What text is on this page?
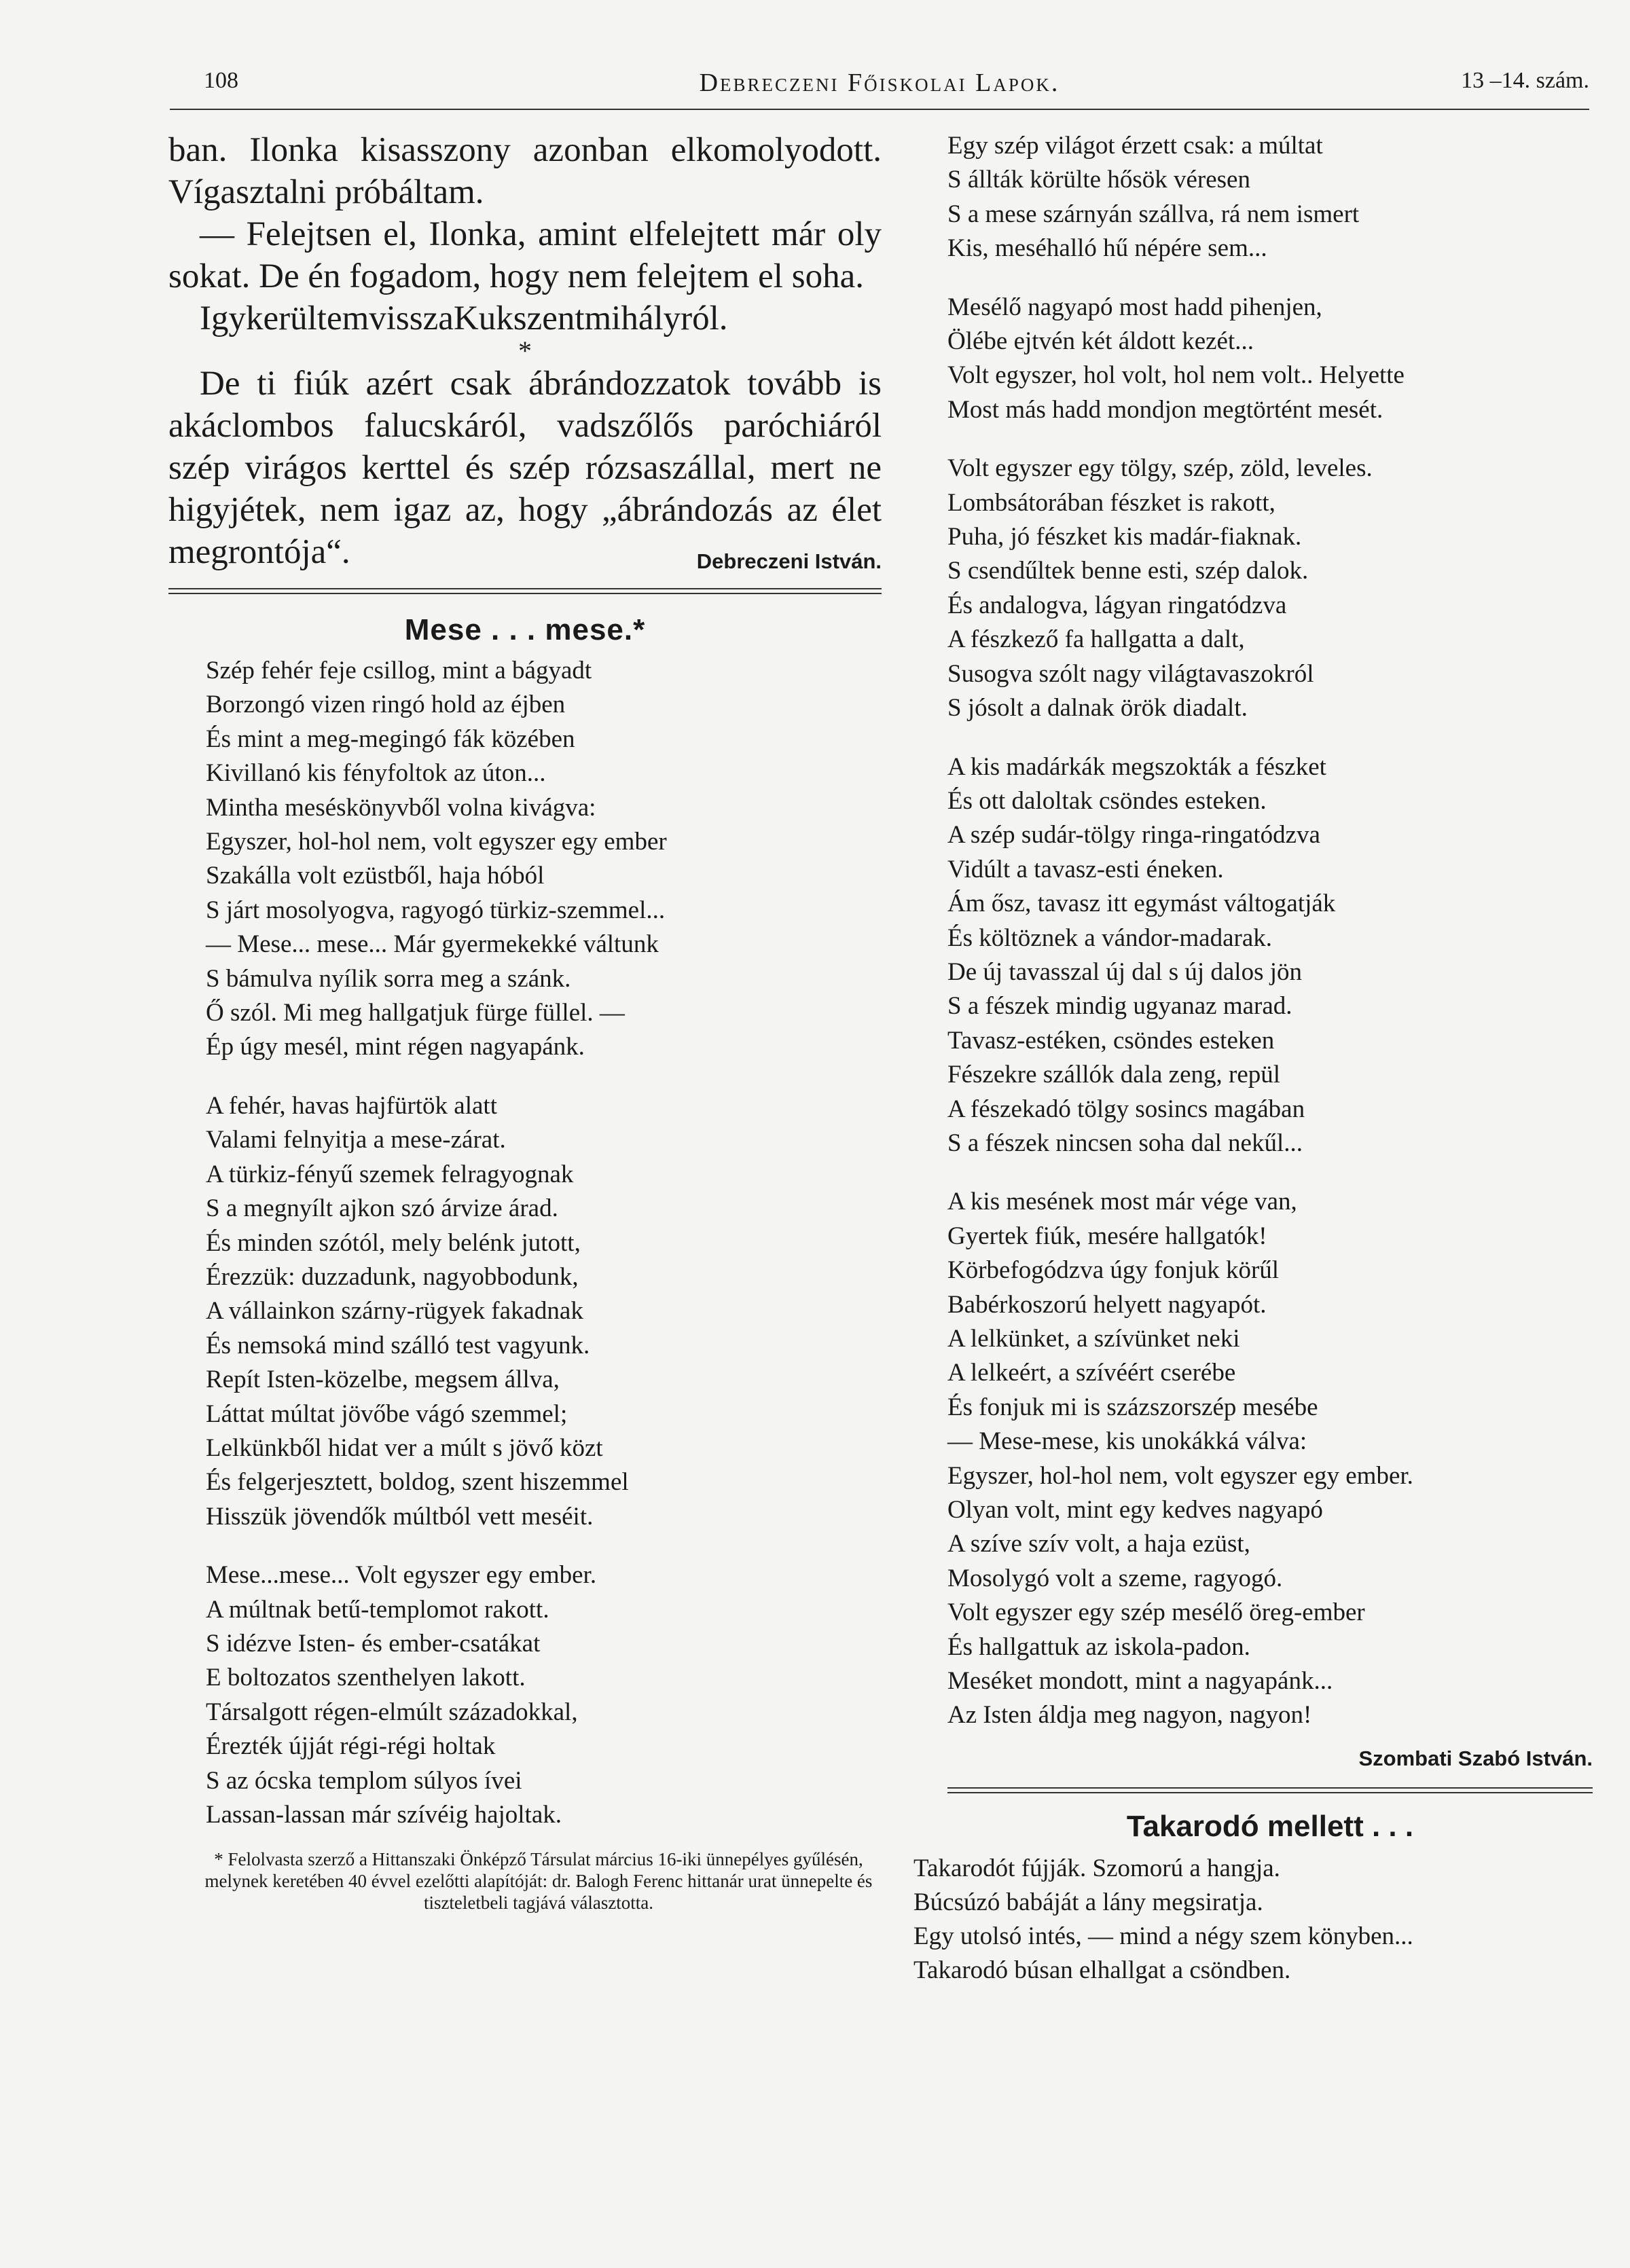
108	Debreczeni Főiskolai Lapok.	13 –14. szám.

ban. Ilonka kisasszony azonban elkomolyodott. Vígasztalni próbáltam.

— Felejtsen el, Ilonka, amint elfelejtett már oly sokat. De én fogadom, hogy nem felejtem el soha.

IgykerültemvisszaKukszentmihályról.

*

De ti fiúk azért csak ábrándozzatok tovább is akáclombos falucskáról, vadszőlős paróchiáról szép virágos kerttel és szép rózsaszállal, mert ne higyjétek, nem igaz az, hogy „ábrándozás az élet megrontója“.	Debreczeni István.
Mese . . . mese.*
Szép fehér feje csillog, mint a bágyadt
Borzongó vizen ringó hold az éjben
És mint a meg-megingó fák közében
Kivillanó kis fényfoltok az úton...
Mintha meséskönyvből volna kivágva:
Egyszer, hol-hol nem, volt egyszer egy ember
Szakálla volt ezüstből, haja hóból
S járt mosolyogva, ragyogó türkiz-szemmel...
— Mese... mese... Már gyermekekké váltunk
S bámulva nyílik sorra meg a szánk.
Ő szól. Mi meg hallgatjuk fürge füllel. —
Ép úgy mesél, mint régen nagyapánk.
A fehér, havas hajfürtök alatt
Valami felnyitja a mese-zárat.
A türkiz-fényű szemek felragyognak
S a megnyílt ajkon szó árvize árad.
És minden szótól, mely belénk jutott,
Érezzük: duzzadunk, nagyobbodunk,
A vállainkon szárny-rügyek fakadnak
És nemsoká mind szálló test vagyunk.
Repít Isten-közelbe, megsem állva,
Láttat múltat jövőbe vágó szemmel;
Lelkünkből hidat ver a múlt s jövő közt
És felgerjesztett, boldog, szent hiszemmel
Hisszük jövendők múltból vett meséit.
Mese...mese... Volt egyszer egy ember.
A múltnak betű-templomot rakott.
S idézve Isten- és ember-csatákat
E boltozatos szenthelyen lakott.
Társalgott régen-elmúlt századokkal,
Érezték újját régi-régi holtak
S az ócska templom súlyos ívei
Lassan-lassan már szívéig hajoltak.
* Felolvasta szerző a Hittanszaki Önképző Társulat március 16-iki ünnepélyes gyűlésén, melynek keretében 40 évvel ezelőtti alapítóját: dr. Balogh Ferenc hittanár urat ünnepelte és tiszteletbeli tagjává választotta.
Egy szép világot érzett csak: a múltat
S állták körülte hősök véresen
S a mese szárnyán szállva, rá nem ismert
Kis, meséhalló hű népére sem...
Mesélő nagyapó most hadd pihenjen,
Ölébe ejtvén két áldott kezét...
Volt egyszer, hol volt, hol nem volt.. Helyette
Most más hadd mondjon megtörtént mesét.
Volt egyszer egy tölgy, szép, zöld, leveles.
Lombsátorában fészket is rakott,
Puha, jó fészket kis madár-fiaknak.
S csendűltek benne esti, szép dalok.
És andalogva, lágyan ringatódzva
A fészkező fa hallgatta a dalt,
Susogva szólt nagy világtavaszokról
S jósolt a dalnak örök diadalt.
A kis madárkák megszokták a fészket
És ott daloltak csöndes esteken.
A szép sudár-tölgy ringa-ringatódzva
Vidúlt a tavasz-esti éneken.
Ám ősz, tavasz itt egymást váltogatják
És költöznek a vándor-madarak.
De új tavasszal új dal s új dalos jön
S a fészek mindig ugyanaz marad.
Tavasz-estéken, csöndes esteken
Fészekre szállók dala zeng, repül
A fészekadó tölgy sosincs magában
S a fészek nincsen soha dal nekűl...
A kis mesének most már vége van,
Gyertek fiúk, mesére hallgatók!
Körbefogódzva úgy fonjuk körűl
Babérkoszorú helyett nagyapót.
A lelkünket, a szívünket neki
A lelkeért, a szívéért cserébe
És fonjuk mi is százszorszép mesébe
— Mese-mese, kis unokákká válva:
Egyszer, hol-hol nem, volt egyszer egy ember.
Olyan volt, mint egy kedves nagyapó
A szíve szív volt, a haja ezüst,
Mosolygó volt a szeme, ragyogó.
Volt egyszer egy szép mesélő öreg-ember
És hallgattuk az iskola-padon.
Meséket mondott, mint a nagyapánk...
Az Isten áldja meg nagyon, nagyon!
Szombati Szabó István.
Takarodó mellett . . .
Takarodót fújják. Szomorú a hangja.
Búcsúzó babáját a lány megsiratja.
Egy utolsó intés, — mind a négy szem könyben...
Takarodó búsan elhallgat a csöndben.
